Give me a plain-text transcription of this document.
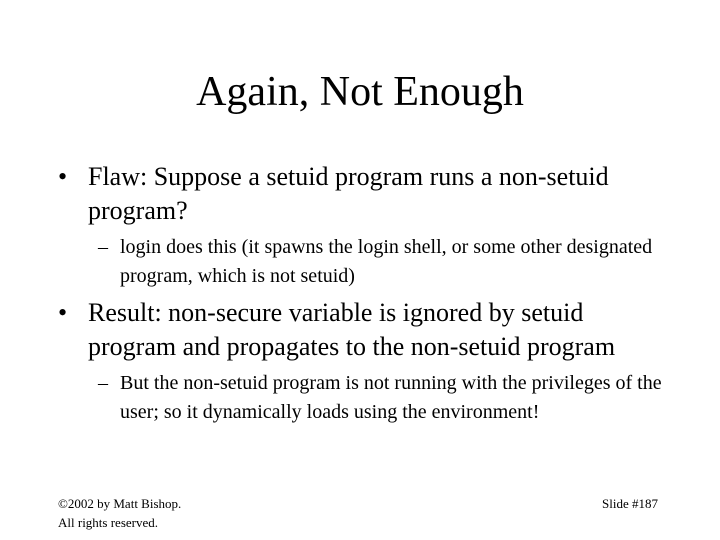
Again, Not Enough
• Flaw: Suppose a setuid program runs a non-setuid program?
– login does this (it spawns the login shell, or some other designated program, which is not setuid)
• Result: non-secure variable is ignored by setuid program and propagates to the non-setuid program
– But the non-setuid program is not running with the privileges of the user; so it dynamically loads using the environment!
©2002 by Matt Bishop.
All rights reserved.
Slide #187
